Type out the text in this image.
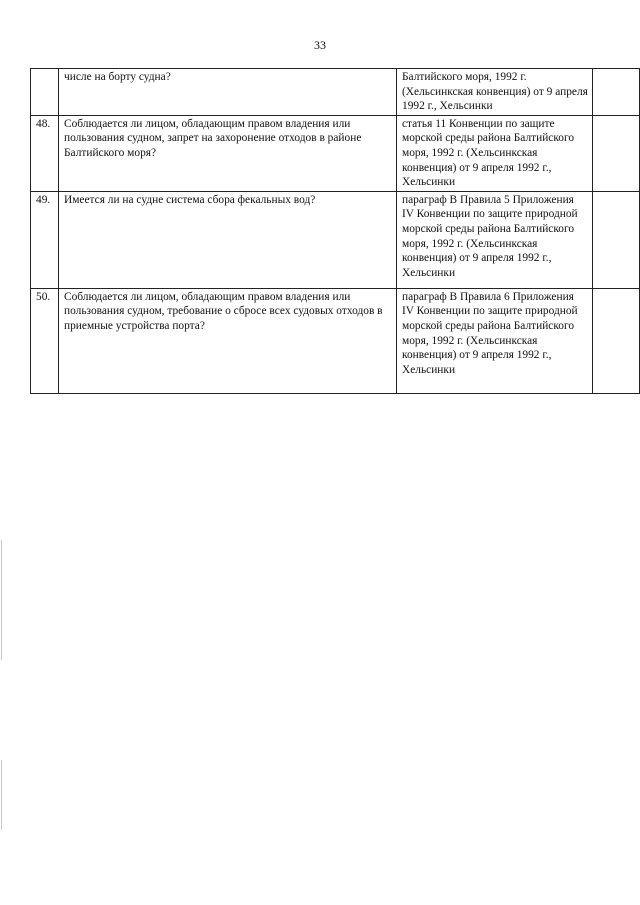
33
	числе на борту судна?	Балтийского моря, 1992 г. (Хельсинкская конвенция) от 9 апреля 1992 г., Хельсинки	
48.	Соблюдается ли лицом, обладающим правом владения или пользования судном, запрет на захоронение отходов в районе Балтийского моря?	статья 11 Конвенции по защите морской среды района Балтийского моря, 1992 г. (Хельсинкская конвенция) от 9 апреля 1992 г., Хельсинки	
49.	Имеется ли на судне система сбора фекальных вод?	параграф В Правила 5 Приложения IV Конвенции по защите природной морской среды района Балтийского моря, 1992 г. (Хельсинкская конвенция) от 9 апреля 1992 г., Хельсинки	
50.	Соблюдается ли лицом, обладающим правом владения или пользования судном, требование о сбросе всех судовых отходов в приемные устройства порта?	параграф В Правила 6 Приложения IV Конвенции по защите природной морской среды района Балтийского моря, 1992 г. (Хельсинкская конвенция) от 9 апреля 1992 г., Хельсинки	
